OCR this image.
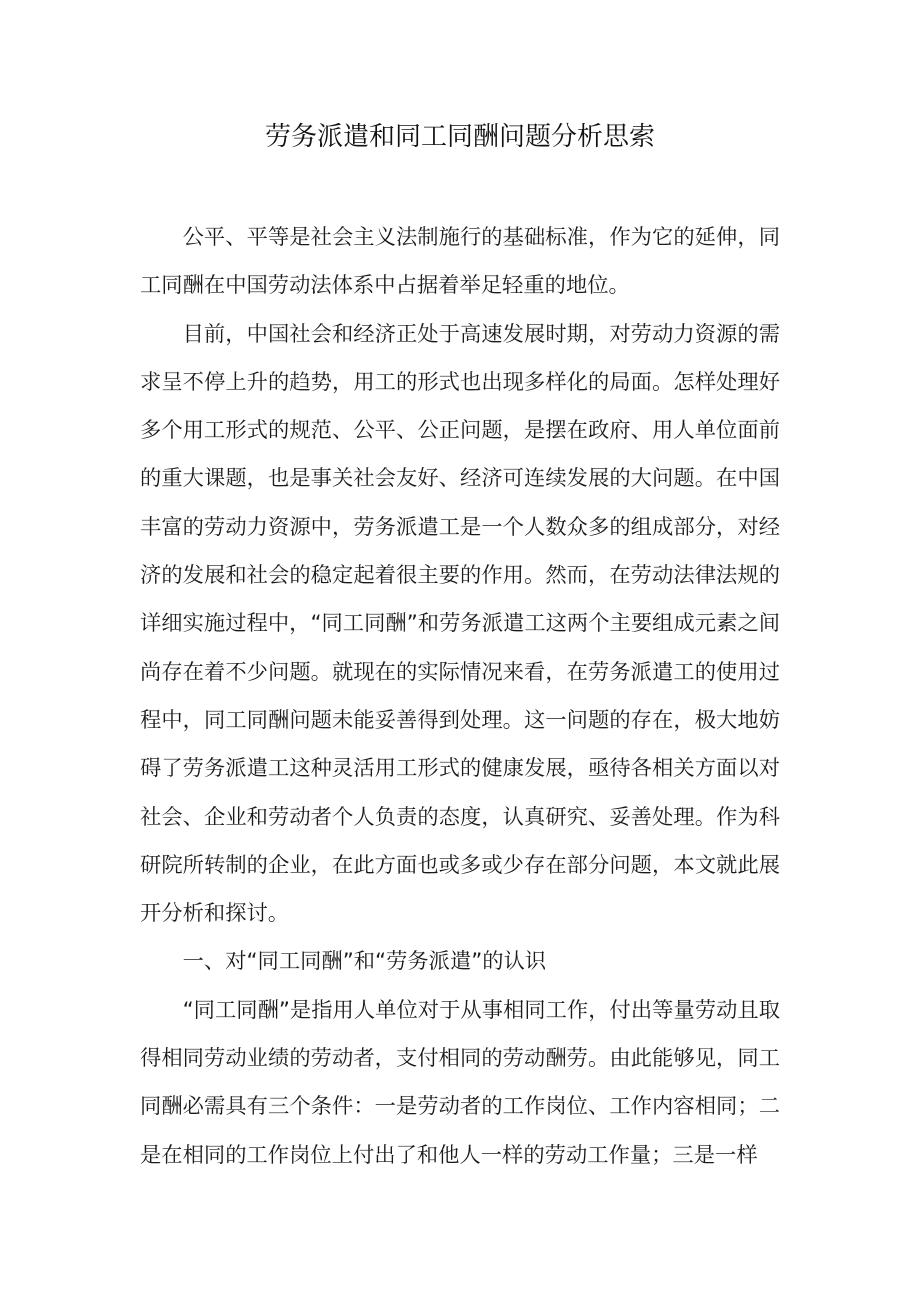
劳务派遣和同工同酬问题分析思索

公平、平等是社会主义法制施行的基础标准，作为它的延伸，同工同酬在中国劳动法体系中占据着举足轻重的地位。

目前，中国社会和经济正处于高速发展时期，对劳动力资源的需求呈不停上升的趋势，用工的形式也出现多样化的局面。怎样处理好多个用工形式的规范、公平、公正问题，是摆在政府、用人单位面前的重大课题，也是事关社会友好、经济可连续发展的大问题。在中国丰富的劳动力资源中，劳务派遣工是一个人数众多的组成部分，对经济的发展和社会的稳定起着很主要的作用。然而，在劳动法律法规的详细实施过程中，“同工同酬”和劳务派遣工这两个主要组成元素之间尚存在着不少问题。就现在的实际情况来看，在劳务派遣工的使用过程中，同工同酬问题未能妥善得到处理。这一问题的存在，极大地妨碍了劳务派遣工这种灵活用工形式的健康发展，亟待各相关方面以对社会、企业和劳动者个人负责的态度，认真研究、妥善处理。作为科研院所转制的企业，在此方面也或多或少存在部分问题，本文就此展开分析和探讨。

一、对“同工同酬”和“劳务派遣”的认识

“同工同酬”是指用人单位对于从事相同工作，付出等量劳动且取得相同劳动业绩的劳动者，支付相同的劳动酬劳。由此能够见，同工同酬必需具有三个条件：一是劳动者的工作岗位、工作内容相同；二是在相同的工作岗位上付出了和他人一样的劳动工作量；三是一样
